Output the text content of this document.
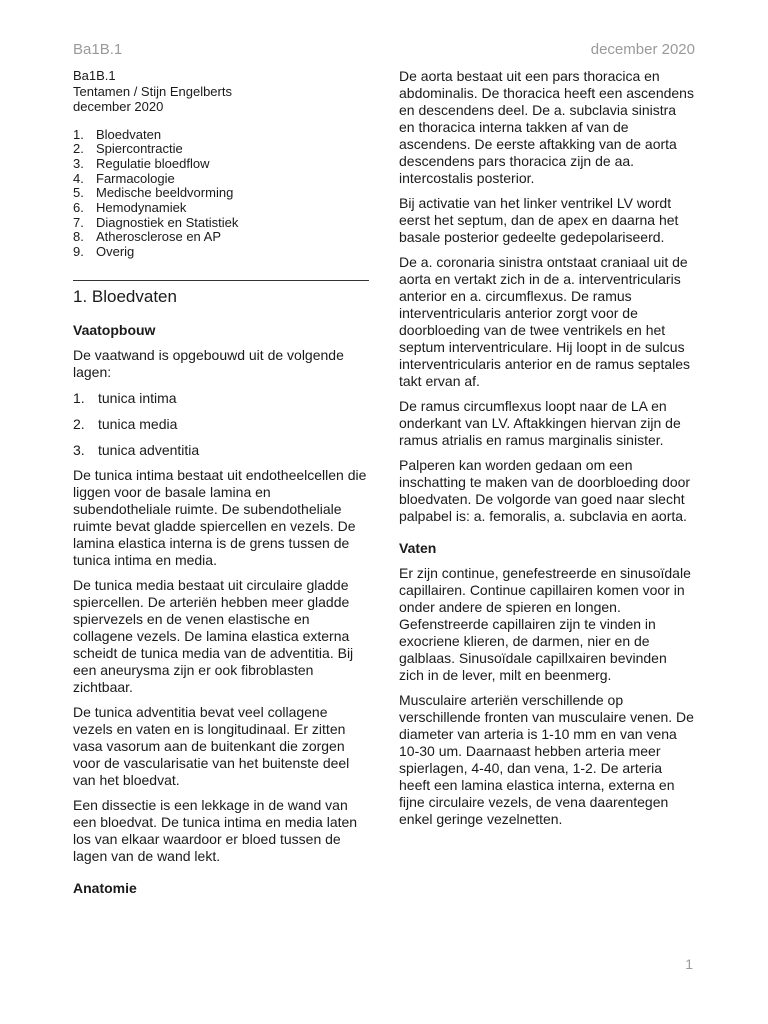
Ba1B.1	december 2020
Ba1B.1
Tentamen / Stijn Engelberts
december 2020
1. Bloedvaten
2. Spiercontractie
3. Regulatie bloedflow
4. Farmacologie
5. Medische beeldvorming
6. Hemodynamiek
7. Diagnostiek en Statistiek
8. Atherosclerose en AP
9. Overig
1. Bloedvaten
Vaatopbouw

De vaatwand is opgebouwd uit de volgende lagen:

1. tunica intima
2. tunica media
3. tunica adventitia

De tunica intima bestaat uit endotheelcellen die liggen voor de basale lamina en subendotheliale ruimte. De subendotheliale ruimte bevat gladde spiercellen en vezels. De lamina elastica interna is de grens tussen de tunica intima en media.

De tunica media bestaat uit circulaire gladde spiercellen. De arteriën hebben meer gladde spiervezels en de venen elastische en collagene vezels. De lamina elastica externa scheidt de tunica media van de adventitia. Bij een aneurysma zijn er ook fibroblasten zichtbaar.

De tunica adventitia bevat veel collagene vezels en vaten en is longitudinaal. Er zitten vasa vasorum aan de buitenkant die zorgen voor de vascularisatie van het buitenste deel van het bloedvat.

Een dissectie is een lekkage in de wand van een bloedvat. De tunica intima en media laten los van elkaar waardoor er bloed tussen de lagen van de wand lekt.

Anatomie

De aorta bestaat uit een pars thoracica en abdominalis. De thoracica heeft een ascendens en descendens deel. De a. subclavia sinistra en thoracica interna takken af van de ascendens. De eerste aftakking van de aorta descendens pars thoracica zijn de aa. intercostalis posterior.

Bij activatie van het linker ventrikel LV wordt eerst het septum, dan de apex en daarna het basale posterior gedeelte gedepolariseerd.

De a. coronaria sinistra ontstaat craniaal uit de aorta en vertakt zich in de a. interventricularis anterior en a. circumflexus. De ramus interventricularis anterior zorgt voor de doorbloeding van de twee ventrikels en het septum interventriculare. Hij loopt in de sulcus interventricularis anterior en de ramus septales takt ervan af.

De ramus circumflexus loopt naar de LA en onderkant van LV. Aftakkingen hiervan zijn de ramus atrialis en ramus marginalis sinister.

Palperen kan worden gedaan om een inschatting te maken van de doorbloeding door bloedvaten. De volgorde van goed naar slecht palpabel is: a. femoralis, a. subclavia en aorta.

Vaten

Er zijn continue, genefestreerde en sinusoïdale capillairen. Continue capillairen komen voor in onder andere de spieren en longen. Gefenstreerde capillairen zijn te vinden in exocriene klieren, de darmen, nier en de galblaas. Sinusoïdale capillxairen bevinden zich in de lever, milt en beenmerg.

Musculaire arteriën verschillende op verschillende fronten van musculaire venen. De diameter van arteria is 1-10 mm en van vena 10-30 um. Daarnaast hebben arteria meer spierlagen, 4-40, dan vena, 1-2. De arteria heeft een lamina elastica interna, externa en fijne circulaire vezels, de vena daarentegen enkel geringe vezelnetten.

1
